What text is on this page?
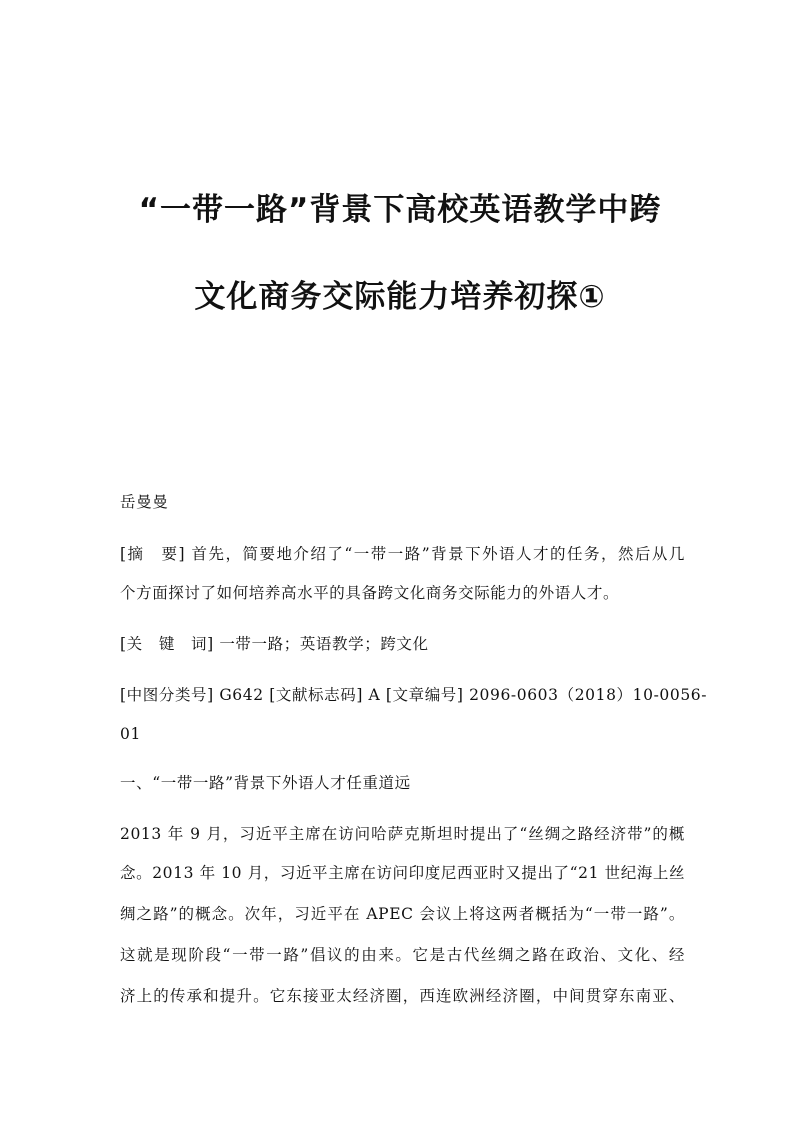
“一带一路”背景下高校英语教学中跨
文化商务交际能力培养初探①
岳曼曼
[摘　要] 首先，简要地介绍了“一带一路”背景下外语人才的任务，然后从几
个方面探讨了如何培养高水平的具备跨文化商务交际能力的外语人才。
[关　键　词] 一带一路；英语教学；跨文化
[中图分类号] G642 [文献标志码] A [文章编号] 2096-0603（2018）10-0056-
01
一、“一带一路”背景下外语人才任重道远
2013 年 9 月，习近平主席在访问哈萨克斯坦时提出了“丝绸之路经济带”的概
念。2013 年 10 月，习近平主席在访问印度尼西亚时又提出了“21 世纪海上丝
绸之路”的概念。次年，习近平在 APEC 会议上将这两者概括为“一带一路”。
这就是现阶段“一带一路”倡议的由来。它是古代丝绸之路在政治、文化、经
济上的传承和提升。它东接亚太经济圈，西连欧洲经济圈，中间贯穿东南亚、
